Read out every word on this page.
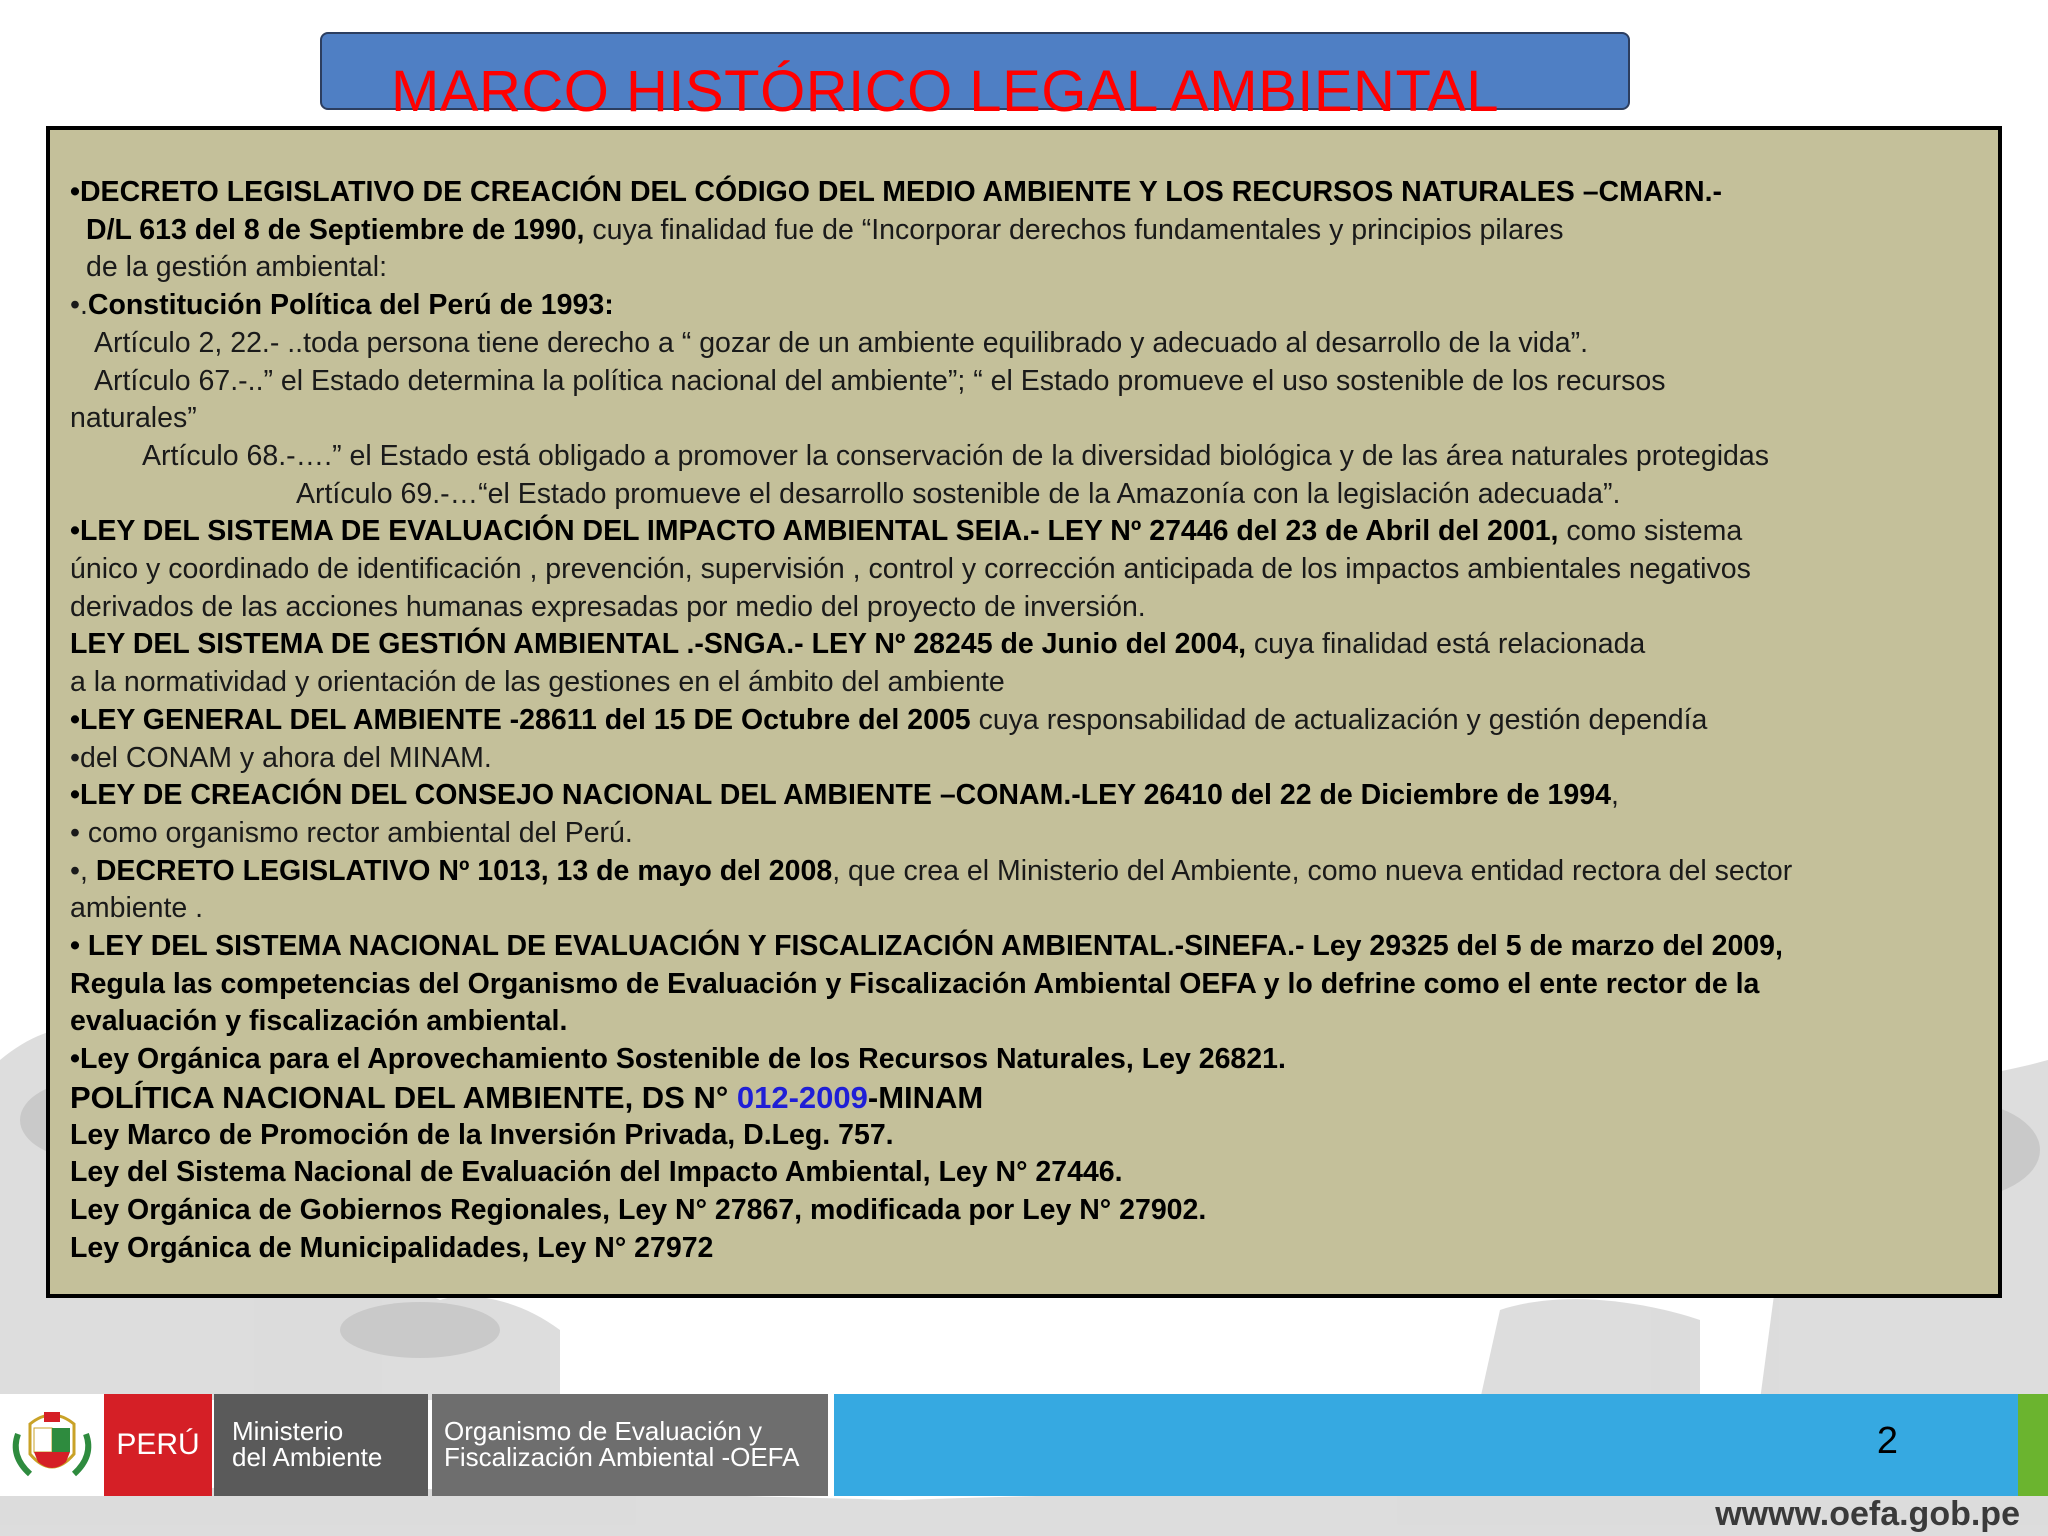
MARCO HISTÓRICO LEGAL AMBIENTAL
•DECRETO LEGISLATIVO DE CREACIÓN DEL CÓDIGO DEL MEDIO AMBIENTE Y LOS RECURSOS NATURALES –CMARN.-
D/L 613 del 8 de Septiembre de 1990, cuya finalidad fue de “Incorporar derechos fundamentales y principios pilares
de la gestión ambiental:
•.Constitución Política del Perú de 1993:
Artículo 2, 22.- ..toda persona tiene derecho a “ gozar de un ambiente equilibrado y adecuado al desarrollo de la vida”.
Artículo 67.-..” el Estado determina la política nacional del ambiente”; “ el Estado promueve el uso sostenible de los recursos
naturales”
Artículo 68.-….” el Estado está obligado a promover la conservación de la diversidad biológica y de las área naturales protegidas
Artículo 69.-…“el Estado promueve el desarrollo sostenible de la Amazonía con la legislación adecuada”.
•LEY DEL SISTEMA DE EVALUACIÓN DEL IMPACTO AMBIENTAL SEIA.- LEY Nº 27446 del 23 de Abril del 2001, como sistema
único y coordinado de identificación , prevención, supervisión , control y corrección anticipada de los impactos ambientales negativos
derivados de las acciones humanas expresadas por medio del proyecto de inversión.
LEY DEL SISTEMA DE GESTIÓN AMBIENTAL .-SNGA.- LEY Nº 28245 de Junio del 2004, cuya finalidad está relacionada
a la normatividad y orientación de las gestiones en el ámbito del ambiente
•LEY GENERAL DEL AMBIENTE -28611 del 15 DE Octubre del 2005 cuya responsabilidad de actualización y gestión dependía
•del CONAM y ahora del MINAM.
•LEY DE CREACIÓN DEL CONSEJO NACIONAL DEL AMBIENTE –CONAM.-LEY 26410 del 22 de Diciembre de 1994,
• como organismo rector ambiental del Perú.
•, DECRETO LEGISLATIVO Nº 1013, 13 de mayo del 2008, que crea el Ministerio del Ambiente, como nueva entidad rectora del sector
ambiente .
• LEY DEL SISTEMA NACIONAL DE EVALUACIÓN Y FISCALIZACIÓN AMBIENTAL.-SINEFA.- Ley 29325 del 5 de marzo del 2009,
Regula las competencias del Organismo de Evaluación y Fiscalización Ambiental OEFA y lo defrine como el ente rector de la
evaluación y fiscalización ambiental.
•Ley Orgánica para el Aprovechamiento Sostenible de los Recursos Naturales, Ley 26821.
POLÍTICA NACIONAL DEL AMBIENTE, DS N° 012-2009-MINAM
Ley Marco de Promoción de la Inversión Privada, D.Leg. 757.
Ley del Sistema Nacional de Evaluación del Impacto Ambiental, Ley N° 27446.
Ley Orgánica de Gobiernos Regionales, Ley N° 27867, modificada por Ley N° 27902.
Ley Orgánica de Municipalidades, Ley N° 27972
PERÚ	Ministerio
del Ambiente
Organismo de Evaluación y
Fiscalización Ambiental -OEFA	2
wwww.oefa.gob.pe
